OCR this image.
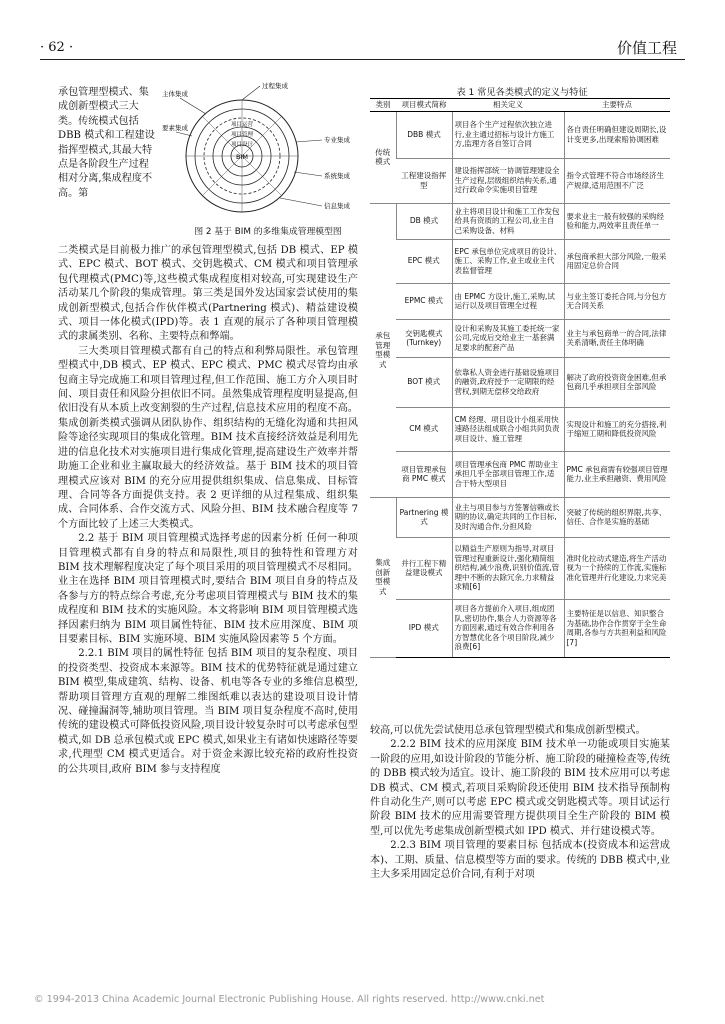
· 62 ·	价值工程
承包管理型模式、集成创新型模式三大类。传统模式包括 DBB 模式和工程建设指挥型模式,其最大特点是各阶段生产过程相对分离,集成程度不高。第
BIM
项目设计
项目管理
项目运营
过程集成
主体集成
要素集成
专业集成
系统集成
信息集成
图 2 基于 BIM 的多维集成管理模型图

二类模式是目前极力推广的承包管理型模式,包括 DB 模式、EP 模式、EPC 模式、BOT 模式、交钥匙模式、CM 模式和项目管理承包代理模式(PMC)等,这些模式集成程度相对较高,可实现建设生产活动某几个阶段的集成管理。第三类是国外发达国家尝试使用的集成创新型模式,包括合作伙伴模式(Partnering 模式)、精益建设模式、项目一体化模式(IPD)等。表 1 直观的展示了各种项目管理模式的隶属类别、名称、主要特点和弊端。

三大类项目管理模式都有自己的特点和利弊局限性。承包管理型模式中,DB 模式、EP 模式、EPC 模式、PMC 模式尽管均由承包商主导完成施工和项目管理过程,但工作范围、施工方介入项目时间、项目责任和风险分担依旧不同。虽然集成管理程度明显提高,但依旧没有从本质上改变割裂的生产过程,信息技术应用的程度不高。集成创新类模式强调从团队协作、组织结构的无缝化沟通和共担风险等途径实现项目的集成化管理。BIM 技术直接经济效益是利用先进的信息化技术对实施项目进行集成化管理,提高建设生产效率并帮助施工企业和业主赢取最大的经济效益。基于 BIM 技术的项目管理模式应该对 BIM 的充分应用提供组织集成、信息集成、目标管理、合同等各方面提供支持。表 2 更详细的从过程集成、组织集成、合同体系、合作交流方式、风险分担、BIM 技术融合程度等 7 个方面比较了上述三大类模式。

2.2 基于 BIM 项目管理模式选择考虑的因素分析 任何一种项目管理模式都有自身的特点和局限性,项目的独特性和管理方对 BIM 技术理解程度决定了每个项目采用的项目管理模式不尽相同。业主在选择 BIM 项目管理模式时,要结合 BIM 项目自身的特点及各参与方的特点综合考虑,充分考虑项目管理模式与 BIM 技术的集成程度和 BIM 技术的实施风险。本文将影响 BIM 项目管理模式选择因素归纳为 BIM 项目属性特征、BIM 技术应用深度、BIM 项目要素目标、BIM 实施环境、BIM 实施风险因素等 5 个方面。

2.2.1 BIM 项目的属性特征 包括 BIM 项目的复杂程度、项目的投资类型、投资成本来源等。BIM 技术的优势特征就是通过建立 BIM 模型,集成建筑、结构、设备、机电等各专业的多维信息模型,帮助项目管理方直观的理解二维图纸难以表达的建设项目设计情况、碰撞漏洞等,辅助项目管理。当 BIM 项目复杂程度不高时,使用传统的建设模式可降低投资风险,项目设计较复杂时可以考虑承包型模式,如 DB 总承包模式或 EPC 模式,如果业主有诸如快速路径等要求,代理型 CM 模式更适合。对于资金来源比较充裕的政府性投资的公共项目,政府 BIM 参与支持程度

表 1 常见各类模式的定义与特征
类别	项目模式简称	相关定义	主要特点
传统模式	DBB 模式	项目各个生产过程依次独立进行,业主通过招标与设计方施工方,监理方各自签订合同	各自责任明确但建设周期长,设计变更多,出现索赔协调困难
	工程建设指挥型	建设指挥部统一协调管理建设全生产过程,层级组织结构关系,通过行政命令实施项目管理	指令式管理不符合市场经济生产规律,适用范围不广泛
承包管理型模式	DB 模式	业主将项目设计和施工工作发包给具有资质的工程公司,业主自己采购设备、材料	要求业主一般有较强的采购经验和能力,两效率且责任单一
	EPC 模式	EPC 承包单位完成项目的设计、施工、采购工作,业主或业主代表监督管理	承包商承担大部分风险,一般采用固定总价合同
	EPMC 模式	由 EPMC 方设计,施工,采购,试运行以及项目管理全过程	与业主签订委托合同,与分包方无合同关系
	交钥匙模式(Turnkey)	设计和采购及其施工委托统一家公司,完成后交给业主一基套满足要求的配套产品	业主与承包商单一的合同,法律关系清晰,责任主体明确
	BOT 模式	依靠私人资金进行基础设施项目的融资,政府授予一定期限的经营权,到期无偿移交给政府	解决了政府投资资金困难,但承包商几乎承担项目全部风险
	CM 模式	CM 经理、项目设计小组采用快速路径法组成联合小组共同负责项目设计、施工管理	实现设计和施工的充分搭接,利于缩短工期和降低投资风险
	项目管理承包商 PMC 模式	项目管理承包商 PMC 帮助业主承担几乎全部项目管理工作,适合于特大型项目	PMC 承包商需有较强项目管理能力,业主承担融资、费用风险
集成创新型模式	Partnering 模式	业主与项目参与方签署信赖或长期的协议,确定共同的工作目标,及时沟通合作,分担风险	突破了传统的组织界限,共享、信任、合作是实施的基础
	并行工程下精益建设模式	以精益生产原则为指导,对项目管理过程重新设计,强化精简组织结构,减少浪费,识别价值流,管理中不断的去除冗余,力求精益求精[6]	准时化拉动式建造,将生产活动视为一个持续的工作流,实施标准化管理并行化建设,力求完美
	IPD 模式	项目各方提前介入项目,组成团队,密切协作,集合人力资源等各方面因素,通过有效合作利用各方智慧优化各个项目阶段,减少浪费[6]	主要特征是以信息、知识整合为基础,协作合作贯穿于全生命周期,各参与方共担利益和风险[7]

较高,可以优先尝试使用总承包管理型模式和集成创新型模式。

2.2.2 BIM 技术的应用深度 BIM 技术单一功能或项目实施某一阶段的应用,如设计阶段的节能分析、施工阶段的碰撞检查等,传统的 DBB 模式较为适宜。设计、施工阶段的 BIM 技术应用可以考虑 DB 模式、CM 模式,若项目采购阶段还使用 BIM 技术指导预制构件自动化生产,则可以考虑 EPC 模式或交钥匙模式等。项目试运行阶段 BIM 技术的应用需要管理方提供项目全生产阶段的 BIM 模型,可以优先考虑集成创新型模式如 IPD 模式、并行建设模式等。

2.2.3 BIM 项目管理的要素目标 包括成本(投资成本和运营成本)、工期、质量、信息模型等方面的要求。传统的 DBB 模式中,业主大多采用固定总价合同,有利于对项

© 1994-2013 China Academic Journal Electronic Publishing House. All rights reserved. http://www.cnki.net
